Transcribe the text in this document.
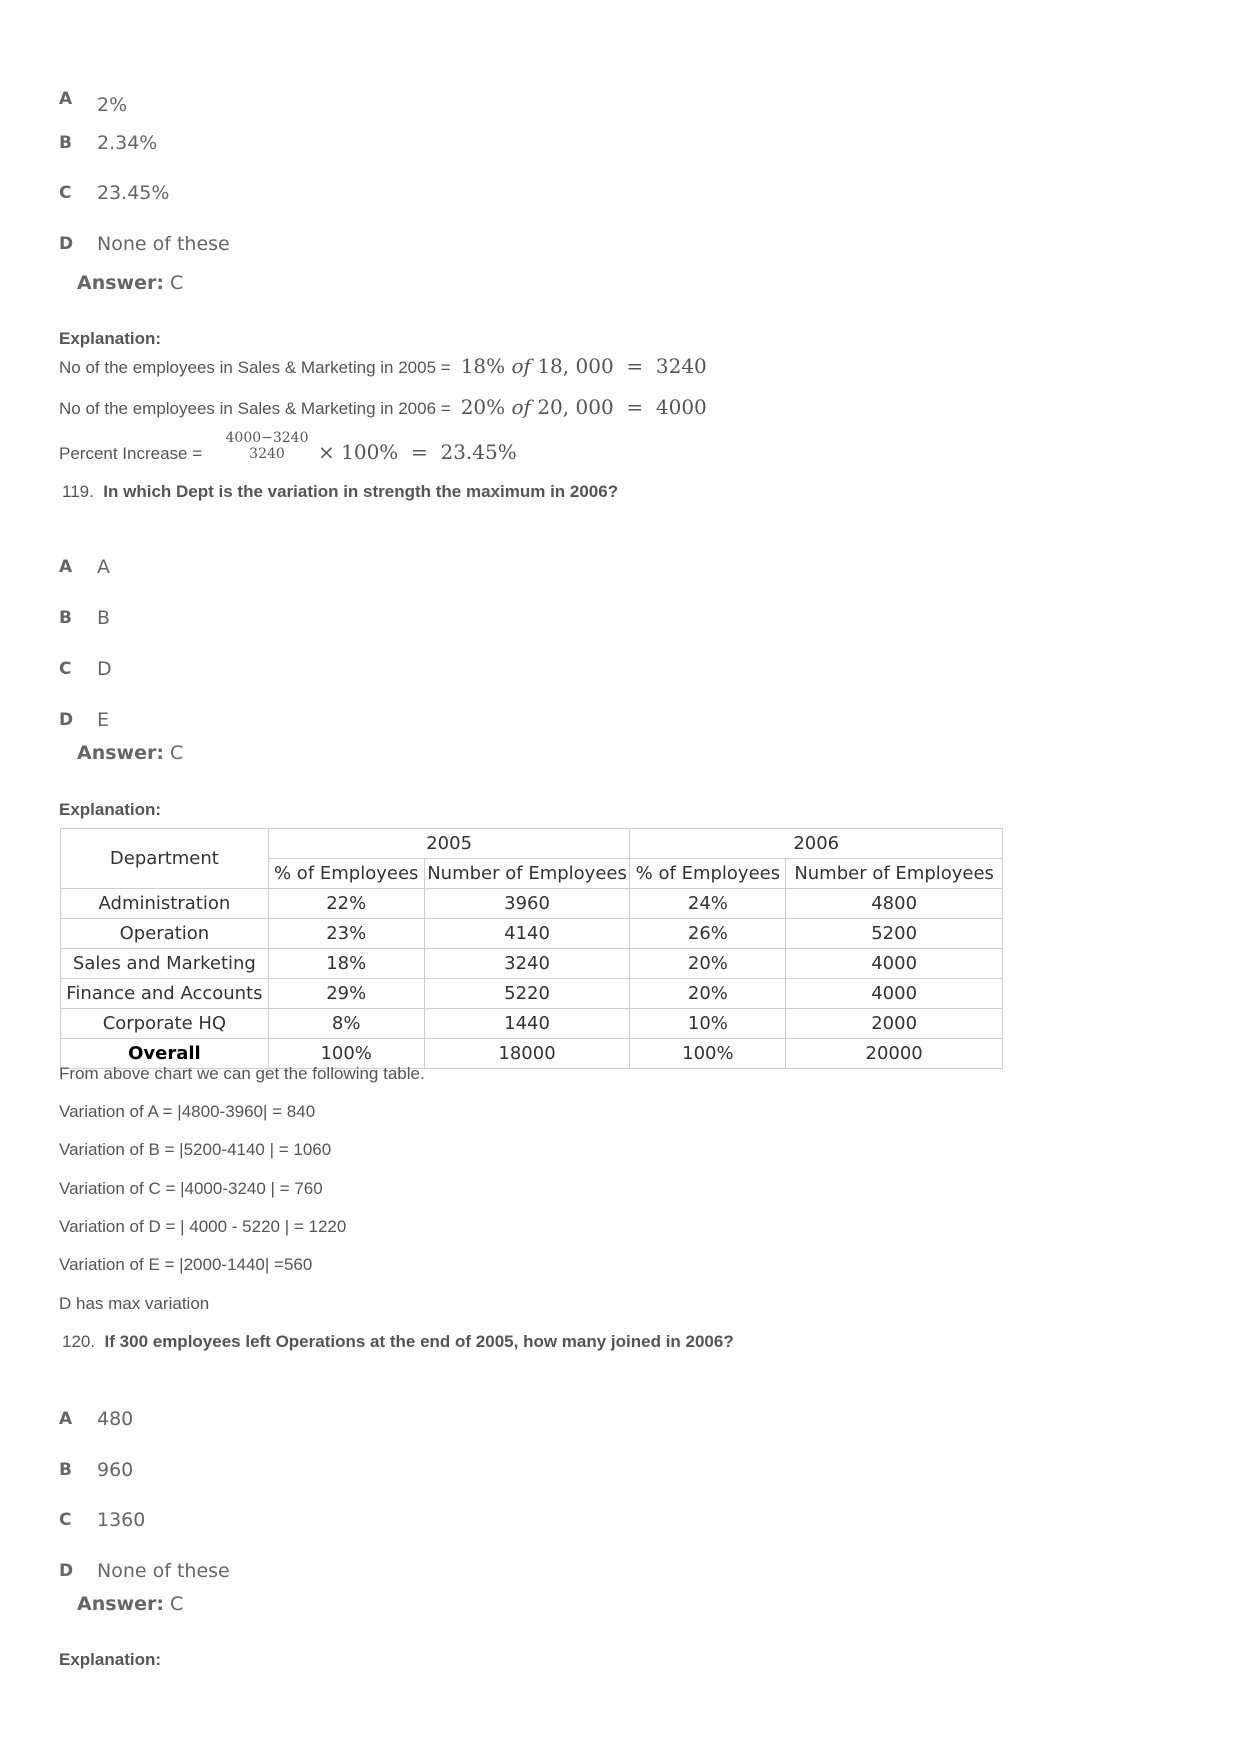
A 2%
B 2.34%
C 23.45%
D None of these
Answer: C
Explanation:
No of the employees in Sales & Marketing in 2005 = 18% of 18, 000 = 3240
No of the employees in Sales & Marketing in 2006 = 20% of 20, 000 = 4000
Percent Increase =
4000−3240
3240	× 100%  =  23.45%
119. In which Dept is the variation in strength the maximum in 2006?
A A
B B
C D
D E
Answer: C
Explanation:
Department	2005		2006	
	% of Employees	Number of Employees	% of Employees	Number of Employees
Administration	22%	3960	24%	4800
Operation	23%	4140	26%	5200
Sales and Marketing	18%	3240	20%	4000
Finance and Accounts	29%	5220	20%	4000
Corporate HQ	8%	1440	10%	2000
Overall	100%	18000	100%	20000
From above chart we can get the following table.
Variation of A = |4800-3960| = 840
Variation of B = |5200-4140 | = 1060
Variation of C = |4000-3240 | = 760
Variation of D = | 4000 - 5220 | = 1220
Variation of E = |2000-1440| =560
D has max variation
120. If 300 employees left Operations at the end of 2005, how many joined in 2006?
A 480
B 960
C 1360
D None of these
Answer: C
Explanation:
